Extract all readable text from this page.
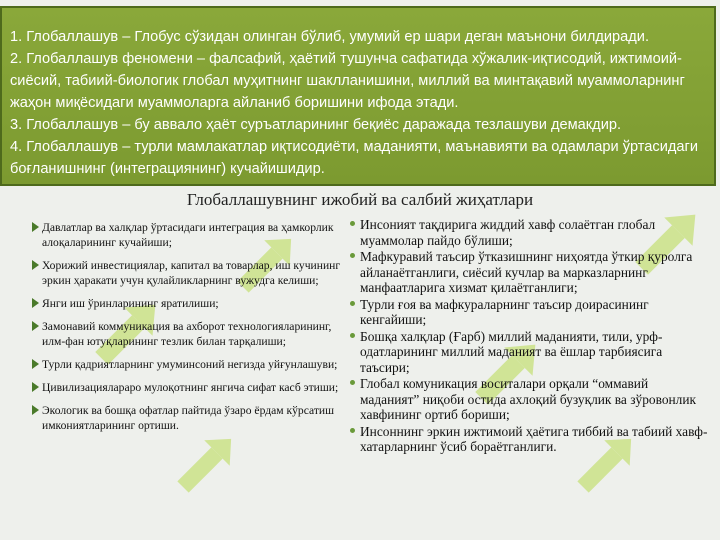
1. Глобаллашув – Глобус сўзидан олинган бўлиб, умумий ер шари деган маънони билдиради.
2. Глобаллашув феномени – фалсафий, ҳаётий тушунча сафатида хўжалик-иқтисодий, ижтимоий-сиёсий, табиий-биологик глобал муҳитнинг шаклланишини, миллий ва минтақавий муаммоларнинг жаҳон миқёсидаги муаммоларга айланиб боришини ифода этади.
3. Глобаллашув – бу аввало ҳаёт суръатларининг беқиёс даражада тезлашуви демакдир.
4. Глобаллашув – турли мамлакатлар иқтисодиёти, маданияти, маънавияти ва одамлари ўртасидаги боғланишнинг (интеграциянинг) кучайишидир.
Глобаллашувнинг ижобий ва салбий жиҳатлари
Давлатлар ва халқлар ўртасидаги интеграция ва ҳамкорлик алоқаларининг кучайиши;
Хорижий инвестициялар, капитал ва товарлар, иш кучининг эркин ҳаракати учун қулайликларнинг вужудга келиши;
Янги иш ўринларининг яратилиши;
Замонавий коммуникация ва ахборот технологияларининг, илм-фан ютуқларининг тезлик билан тарқалиши;
Турли қадриятларнинг умуминсоний негизда уйғунлашуви;
Цивилизациялараро мулоқотнинг янгича сифат касб этиши;
Экологик ва бошқа офатлар пайтида ўзаро ёрдам кўрсатиш имкониятларининг ортиши.
Инсоният тақдирига жиддий хавф солаётган глобал муаммолар пайдо бўлиши;
Мафкуравий таъсир ўтказишнинг ниҳоятда ўткир қуролга айланаётганлиги, сиёсий кучлар ва марказларнинг манфаатларига хизмат қилаётганлиги;
Турли ғоя ва мафкураларнинг таъсир доирасининг кенгайиши;
Бошқа халқлар (Ғарб) миллий маданияти, тили, урф-одатларининг миллий маданият ва ёшлар тарбиясига таъсири;
Глобал комуникация воситалари орқали “оммавий маданият” ниқоби остида ахлоқий бузуқлик ва зўровонлик хавфининг ортиб бориши;
Инсоннинг эркин ижтимоий ҳаётига тиббий ва табиий хавф-хатарларнинг ўсиб бораётганлиги.
